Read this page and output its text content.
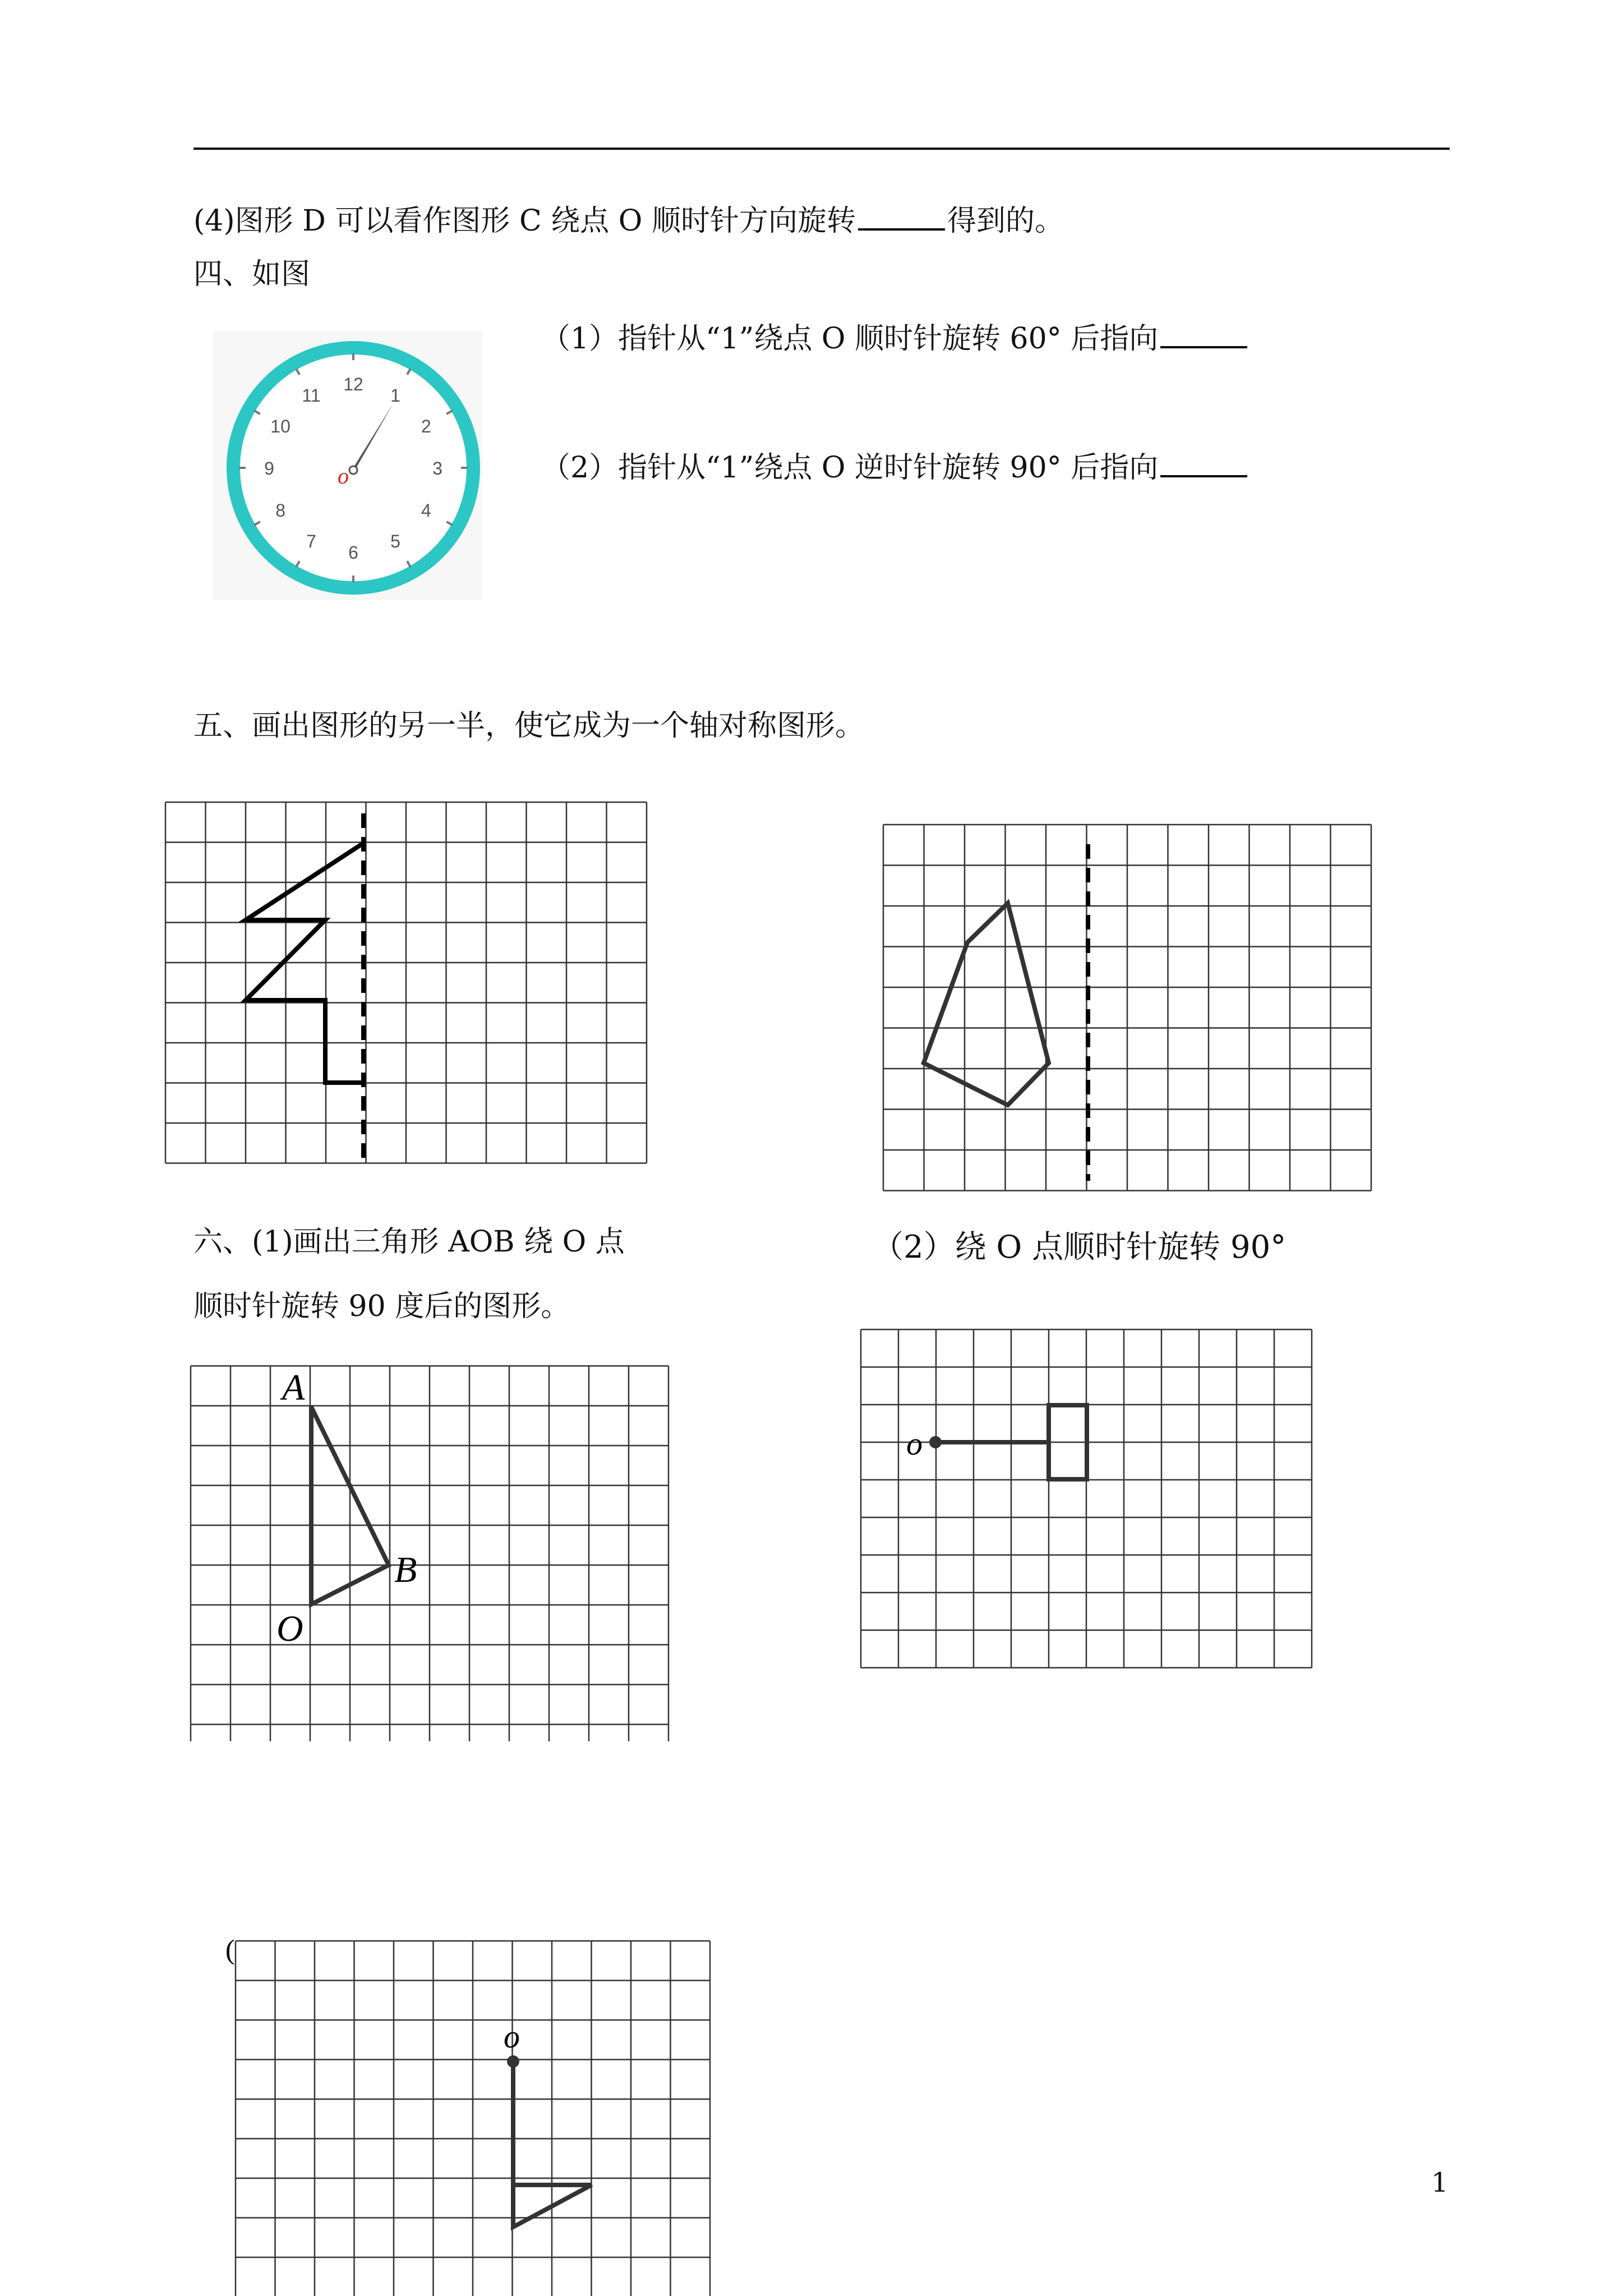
(4)图形 D 可以看作图形 C 绕点 O 顺时针方向旋转	得到的。
四、如图
（1）指针从“1”绕点 O 顺时针旋转 60° 后指向
（2）指针从“1”绕点 O 逆时针旋转 90° 后指向
12
1
2
3
4
5
6
7
8
9
10
11
o
五、画出图形的另一半，使它成为一个轴对称图形。
六、(1)画出三角形 AOB 绕 O 点
顺时针旋转 90 度后的图形。
（2）绕 O 点顺时针旋转 90°
A
B
O
o
o
(
1
